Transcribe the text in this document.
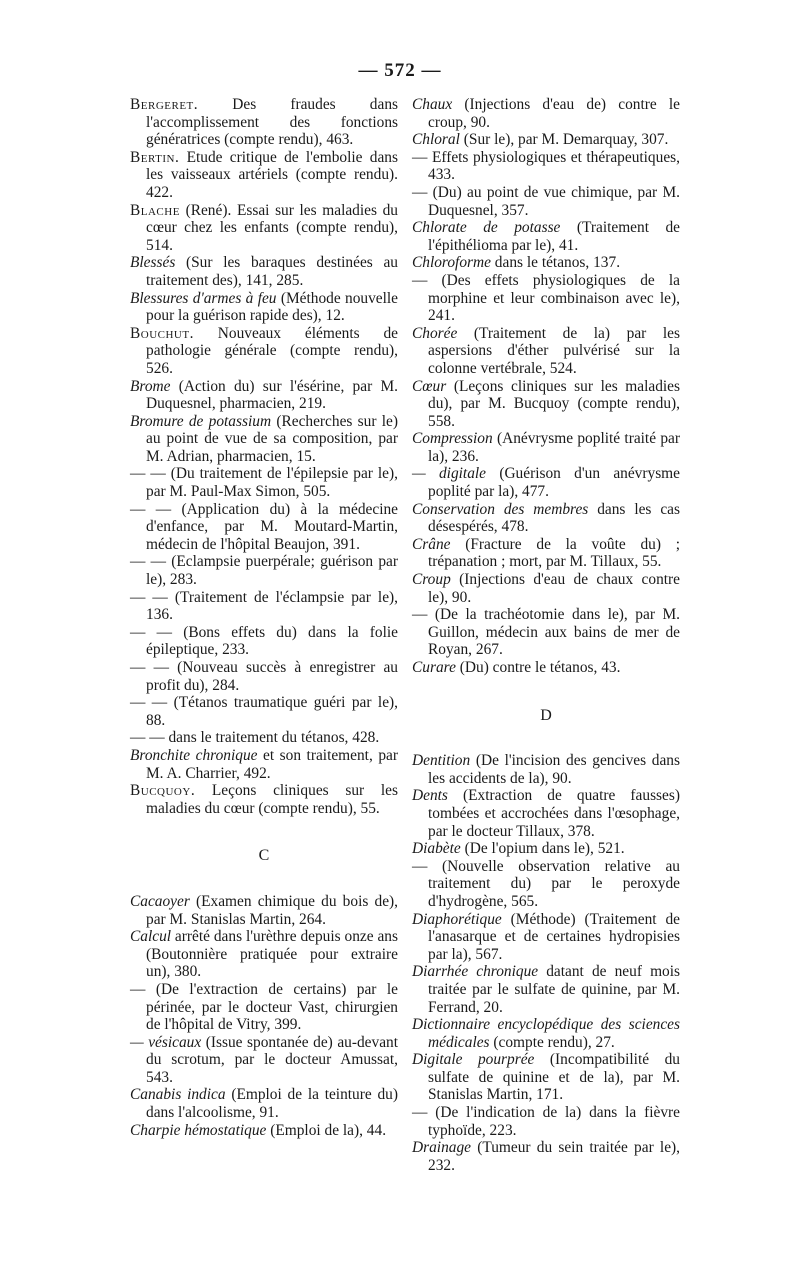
— 572 —

Bergeret. Des fraudes dans l'accomplissement des fonctions génératrices (compte rendu), 463.

Bertin. Etude critique de l'embolie dans les vaisseaux artériels (compte rendu). 422.

Blache (René). Essai sur les maladies du cœur chez les enfants (compte rendu), 514.

Blessés (Sur les baraques destinées au traitement des), 141, 285.

Blessures d'armes à feu (Méthode nouvelle pour la guérison rapide des), 12.

Bouchut. Nouveaux éléments de pathologie générale (compte rendu), 526.

Brome (Action du) sur l'ésérine, par M. Duquesnel, pharmacien, 219.

Bromure de potassium (Recherches sur le) au point de vue de sa composition, par M. Adrian, pharmacien, 15.

— — (Du traitement de l'épilepsie par le), par M. Paul-Max Simon, 505.

— — (Application du) à la médecine d'enfance, par M. Moutard-Martin, médecin de l'hôpital Beaujon, 391.

— — (Eclampsie puerpérale; guérison par le), 283.

— — (Traitement de l'éclampsie par le), 136.

— — (Bons effets du) dans la folie épileptique, 233.

— — (Nouveau succès à enregistrer au profit du), 284.

— — (Tétanos traumatique guéri par le), 88.

— — dans le traitement du tétanos, 428.

Bronchite chronique et son traitement, par M. A. Charrier, 492.

Bucquoy. Leçons cliniques sur les maladies du cœur (compte rendu), 55.

C

Cacaoyer (Examen chimique du bois de), par M. Stanislas Martin, 264.

Calcul arrêté dans l'urèthre depuis onze ans (Boutonnière pratiquée pour extraire un), 380.

— (De l'extraction de certains) par le périnée, par le docteur Vast, chirurgien de l'hôpital de Vitry, 399.

— vésicaux (Issue spontanée de) au-devant du scrotum, par le docteur Amussat, 543.

Canabis indica (Emploi de la teinture du) dans l'alcoolisme, 91.

Charpie hémostatique (Emploi de la), 44.

Chaux (Injections d'eau de) contre le croup, 90.

Chloral (Sur le), par M. Demarquay, 307.

— Effets physiologiques et thérapeutiques, 433.

— (Du) au point de vue chimique, par M. Duquesnel, 357.

Chlorate de potasse (Traitement de l'épithélioma par le), 41.

Chloroforme dans le tétanos, 137.

— (Des effets physiologiques de la morphine et leur combinaison avec le), 241.

Chorée (Traitement de la) par les aspersions d'éther pulvérisé sur la colonne vertébrale, 524.

Cœur (Leçons cliniques sur les maladies du), par M. Bucquoy (compte rendu), 558.

Compression (Anévrysme poplité traité par la), 236.

— digitale (Guérison d'un anévrysme poplité par la), 477.

Conservation des membres dans les cas désespérés, 478.

Crâne (Fracture de la voûte du) ; trépanation ; mort, par M. Tillaux, 55.

Croup (Injections d'eau de chaux contre le), 90.

— (De la trachéotomie dans le), par M. Guillon, médecin aux bains de mer de Royan, 267.

Curare (Du) contre le tétanos, 43.

D

Dentition (De l'incision des gencives dans les accidents de la), 90.

Dents (Extraction de quatre fausses) tombées et accrochées dans l'œsophage, par le docteur Tillaux, 378.

Diabète (De l'opium dans le), 521.

— (Nouvelle observation relative au traitement du) par le peroxyde d'hydrogène, 565.

Diaphorétique (Méthode) (Traitement de l'anasarque et de certaines hydropisies par la), 567.

Diarrhée chronique datant de neuf mois traitée par le sulfate de quinine, par M. Ferrand, 20.

Dictionnaire encyclopédique des sciences médicales (compte rendu), 27.

Digitale pourprée (Incompatibilité du sulfate de quinine et de la), par M. Stanislas Martin, 171.

— (De l'indication de la) dans la fièvre typhoïde, 223.

Drainage (Tumeur du sein traitée par le), 232.
